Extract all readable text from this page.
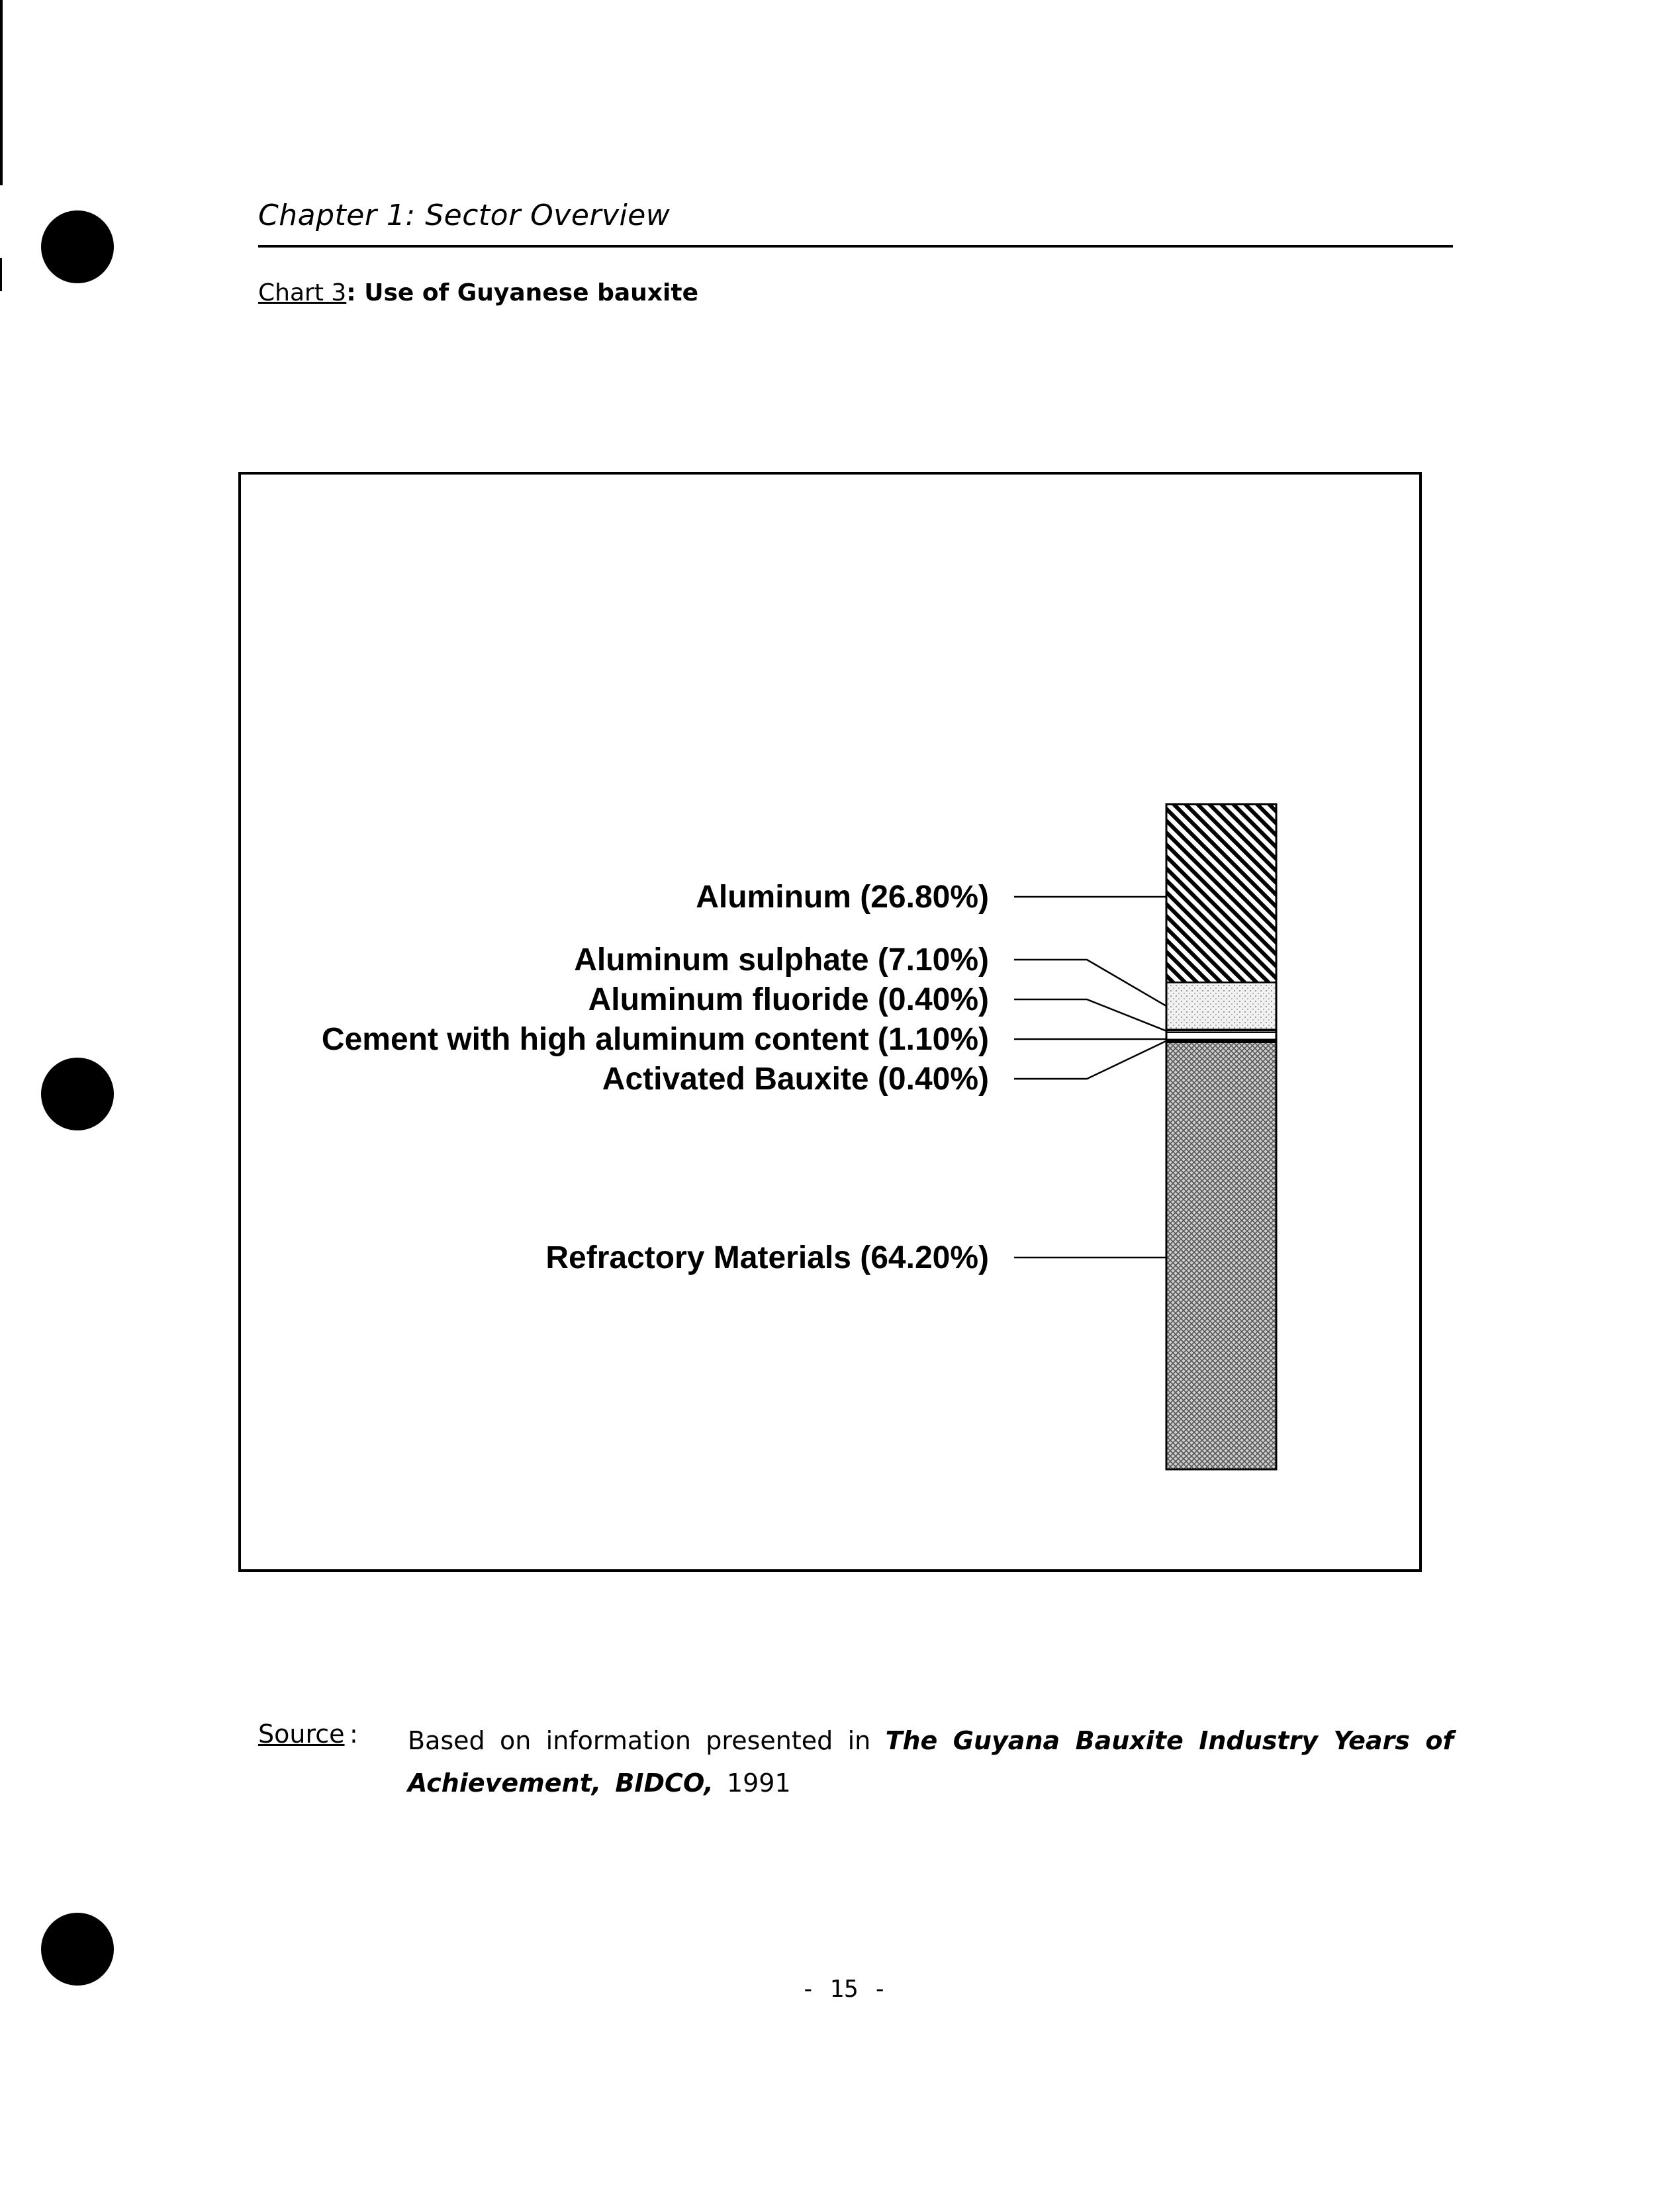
Chapter 1: Sector Overview
Chart 3: Use of Guyanese bauxite
Aluminum (26.80%)
Aluminum sulphate (7.10%)
Aluminum fluoride (0.40%)
Cement with high aluminum content (1.10%)
Activated Bauxite (0.40%)
Refractory Materials (64.20%)
Source : Based on information presented in The Guyana Bauxite Industry Years of Achievement, BIDCO, 1991
- 15 -
